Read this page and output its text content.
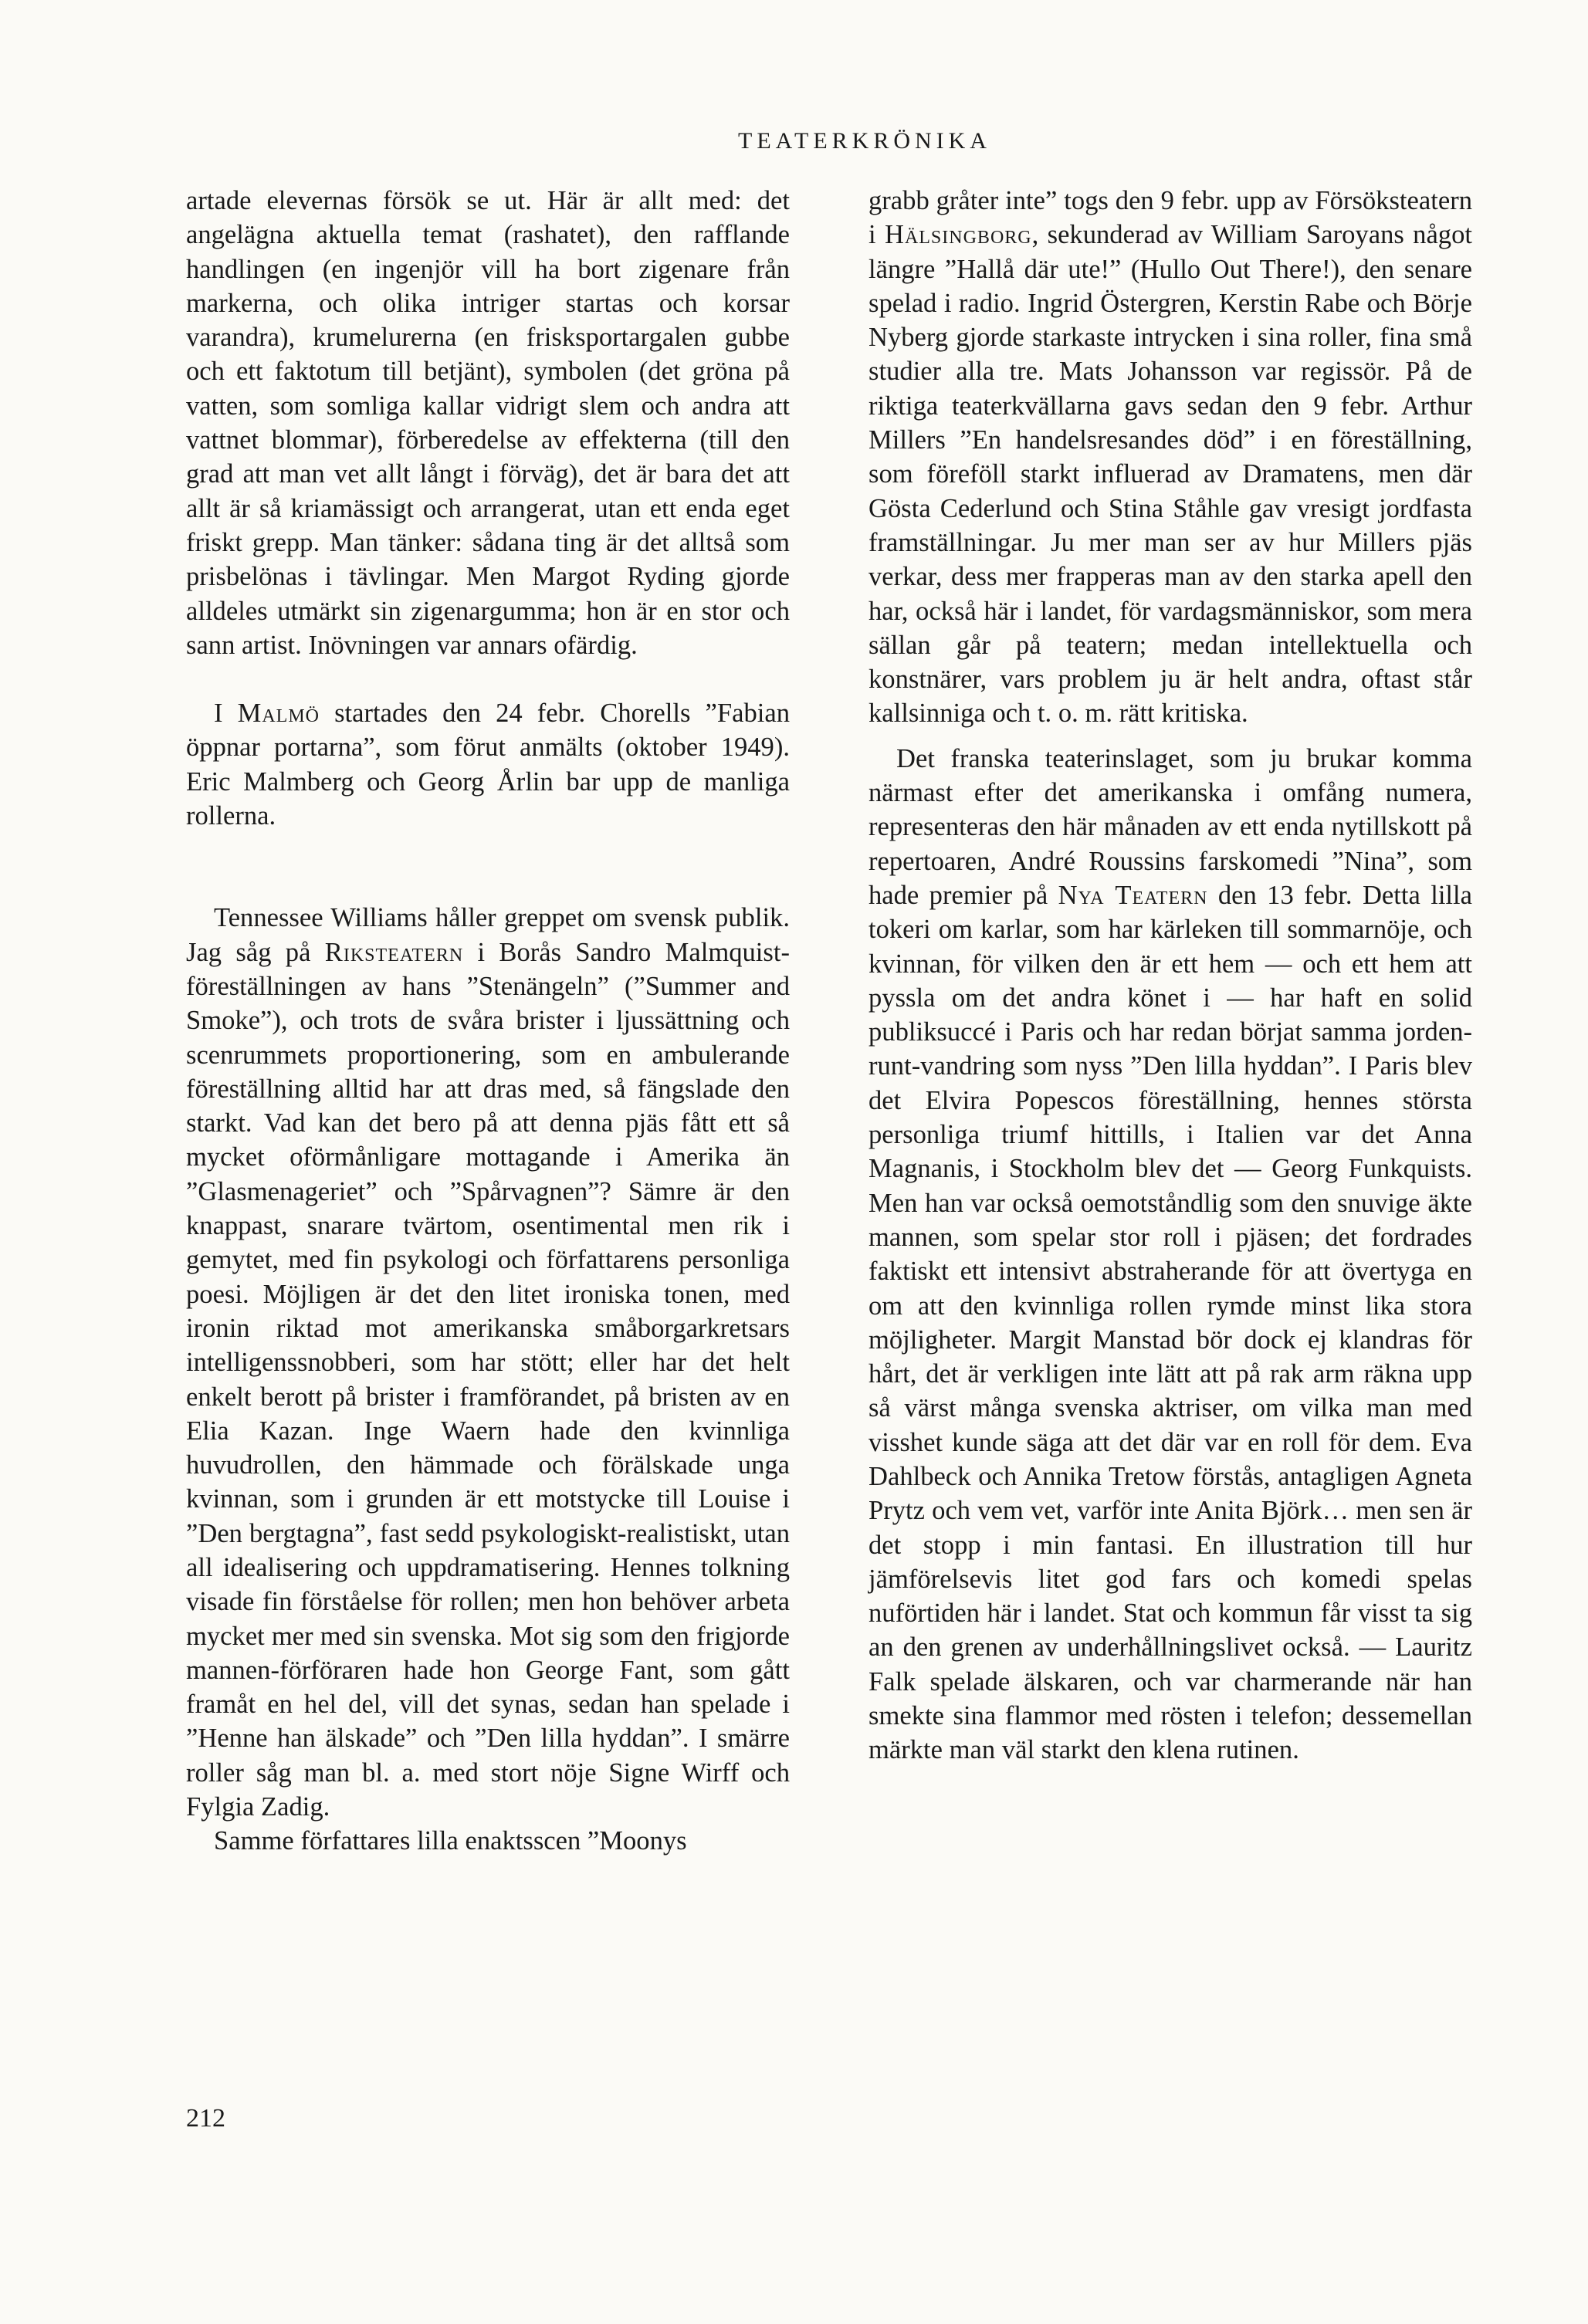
TEATERKRÖNIKA

artade elevernas försök se ut. Här är allt med: det angelägna aktuella temat (rashatet), den rafflande handlingen (en ingenjör vill ha bort zigenare från markerna, och olika intriger startas och korsar varandra), krumelurerna (en frisksportargalen gubbe och ett faktotum till betjänt), symbolen (det gröna på vatten, som somliga kallar vidrigt slem och andra att vattnet blommar), förberedelse av effekterna (till den grad att man vet allt långt i förväg), det är bara det att allt är så kriamässigt och arrangerat, utan ett enda eget friskt grepp. Man tänker: sådana ting är det alltså som prisbelönas i tävlingar. Men Margot Ryding gjorde alldeles utmärkt sin zigenargumma; hon är en stor och sann artist. Inövningen var annars ofärdig.

I Malmö startades den 24 febr. Chorells ”Fabian öppnar portarna”, som förut anmälts (oktober 1949). Eric Malmberg och Georg Årlin bar upp de manliga rollerna.

Tennessee Williams håller greppet om svensk publik. Jag såg på Riksteatern i Borås Sandro Malmquist-föreställningen av hans ”Stenängeln” (”Summer and Smoke”), och trots de svåra brister i ljussättning och scenrummets proportionering, som en ambulerande föreställning alltid har att dras med, så fängslade den starkt. Vad kan det bero på att denna pjäs fått ett så mycket oförmånligare mottagande i Amerika än ”Glasmenageriet” och ”Spårvagnen”? Sämre är den knappast, snarare tvärtom, osentimental men rik i gemytet, med fin psykologi och författarens personliga poesi. Möjligen är det den litet ironiska tonen, med ironin riktad mot amerikanska småborgarkretsars intelligenssnobberi, som har stött; eller har det helt enkelt berott på brister i framförandet, på bristen av en Elia Kazan. Inge Waern hade den kvinnliga huvudrollen, den hämmade och förälskade unga kvinnan, som i grunden är ett motstycke till Louise i ”Den bergtagna”, fast sedd psykologiskt-realistiskt, utan all idealisering och uppdramatisering. Hennes tolkning visade fin förståelse för rollen; men hon behöver arbeta mycket mer med sin svenska. Mot sig som den frigjorde mannen-förföraren hade hon George Fant, som gått framåt en hel del, vill det synas, sedan han spelade i ”Henne han älskade” och ”Den lilla hyddan”. I smärre roller såg man bl. a. med stort nöje Signe Wirff och Fylgia Zadig.

Samme författares lilla enaktsscen ”Moonys

grabb gråter inte” togs den 9 febr. upp av Försöksteatern i Hälsingborg, sekunderad av William Saroyans något längre ”Hallå där ute!” (Hullo Out There!), den senare spelad i radio. Ingrid Östergren, Kerstin Rabe och Börje Nyberg gjorde starkaste intrycken i sina roller, fina små studier alla tre. Mats Johansson var regissör. På de riktiga teaterkvällarna gavs sedan den 9 febr. Arthur Millers ”En handelsresandes död” i en föreställning, som föreföll starkt influerad av Dramatens, men där Gösta Cederlund och Stina Ståhle gav vresigt jordfasta framställningar. Ju mer man ser av hur Millers pjäs verkar, dess mer frapperas man av den starka apell den har, också här i landet, för vardagsmänniskor, som mera sällan går på teatern; medan intellektuella och konstnärer, vars problem ju är helt andra, oftast står kallsinniga och t. o. m. rätt kritiska.

Det franska teaterinslaget, som ju brukar komma närmast efter det amerikanska i omfång numera, representeras den här månaden av ett enda nytillskott på repertoaren, André Roussins farskomedi ”Nina”, som hade premier på Nya Teatern den 13 febr. Detta lilla tokeri om karlar, som har kärleken till sommarnöje, och kvinnan, för vilken den är ett hem — och ett hem att pyssla om det andra könet i — har haft en solid publiksuccé i Paris och har redan börjat samma jorden-runt-vandring som nyss ”Den lilla hyddan”. I Paris blev det Elvira Popescos föreställning, hennes största personliga triumf hittills, i Italien var det Anna Magnanis, i Stockholm blev det — Georg Funkquists. Men han var också oemotståndlig som den snuvige äkte mannen, som spelar stor roll i pjäsen; det fordrades faktiskt ett intensivt abstraherande för att övertyga en om att den kvinnliga rollen rymde minst lika stora möjligheter. Margit Manstad bör dock ej klandras för hårt, det är verkligen inte lätt att på rak arm räkna upp så värst många svenska aktriser, om vilka man med visshet kunde säga att det där var en roll för dem. Eva Dahlbeck och Annika Tretow förstås, antagligen Agneta Prytz och vem vet, varför inte Anita Björk… men sen är det stopp i min fantasi. En illustration till hur jämförelsevis litet god fars och komedi spelas nuförtiden här i landet. Stat och kommun får visst ta sig an den grenen av underhållningslivet också. — Lauritz Falk spelade älskaren, och var charmerande när han smekte sina flammor med rösten i telefon; dessemellan märkte man väl starkt den klena rutinen.

212
